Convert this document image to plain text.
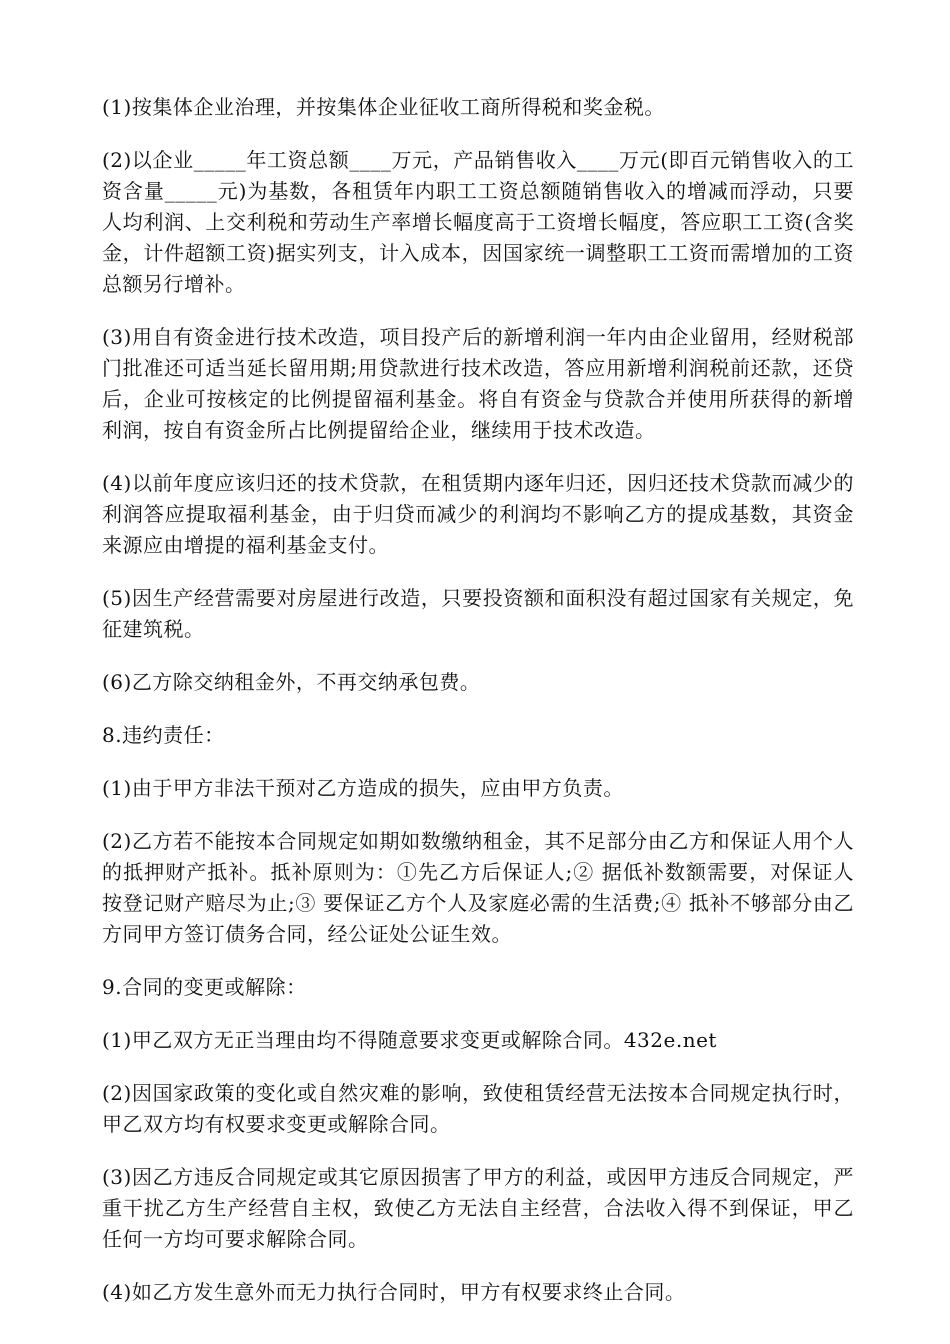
(1)按集体企业治理，并按集体企业征收工商所得税和奖金税。

(2)以企业_____年工资总额____万元，产品销售收入____万元(即百元销售收入的工资含量_____元)为基数，各租赁年内职工工资总额随销售收入的增减而浮动，只要人均利润、上交利税和劳动生产率增长幅度高于工资增长幅度，答应职工工资(含奖金，计件超额工资)据实列支，计入成本，因国家统一调整职工工资而需增加的工资总额另行增补。

(3)用自有资金进行技术改造，项目投产后的新增利润一年内由企业留用，经财税部门批准还可适当延长留用期;用贷款进行技术改造，答应用新增利润税前还款，还贷后，企业可按核定的比例提留福利基金。将自有资金与贷款合并使用所获得的新增利润，按自有资金所占比例提留给企业，继续用于技术改造。

(4)以前年度应该归还的技术贷款，在租赁期内逐年归还，因归还技术贷款而减少的利润答应提取福利基金，由于归贷而减少的利润均不影响乙方的提成基数，其资金来源应由增提的福利基金支付。

(5)因生产经营需要对房屋进行改造，只要投资额和面积没有超过国家有关规定，免征建筑税。

(6)乙方除交纳租金外，不再交纳承包费。

8.违约责任：

(1)由于甲方非法干预对乙方造成的损失，应由甲方负责。

(2)乙方若不能按本合同规定如期如数缴纳租金，其不足部分由乙方和保证人用个人的抵押财产抵补。抵补原则为：①先乙方后保证人;② 据低补数额需要，对保证人按登记财产赔尽为止;③ 要保证乙方个人及家庭必需的生活费;④ 抵补不够部分由乙方同甲方签订债务合同，经公证处公证生效。

9.合同的变更或解除：

(1)甲乙双方无正当理由均不得随意要求变更或解除合同。432e.net

(2)因国家政策的变化或自然灾难的影响，致使租赁经营无法按本合同规定执行时，甲乙双方均有权要求变更或解除合同。

(3)因乙方违反合同规定或其它原因损害了甲方的利益，或因甲方违反合同规定，严重干扰乙方生产经营自主权，致使乙方无法自主经营，合法收入得不到保证，甲乙任何一方均可要求解除合同。

(4)如乙方发生意外而无力执行合同时，甲方有权要求终止合同。
